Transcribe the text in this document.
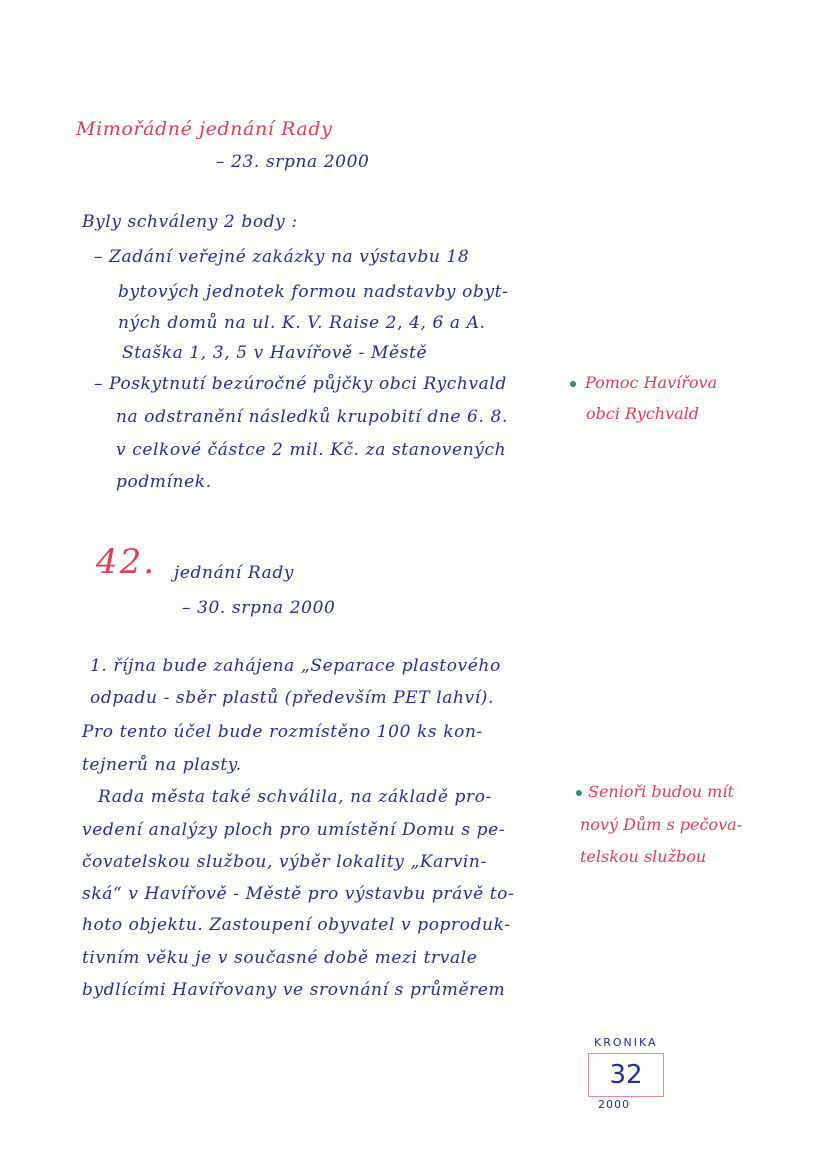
Mimořádné jednání Rady
– 23. srpna 2000
Byly schváleny 2 body :
– Zadání veřejné zakázky na výstavbu 18
bytových jednotek formou nadstavby obyt-
ných domů na ul. K. V. Raise 2, 4, 6 a A.
Staška 1, 3, 5 v Havířově - Městě
– Poskytnutí bezúročné půjčky obci Rychvald
na odstranění následků krupobití dne 6. 8.
v celkové částce 2 mil. Kč. za stanovených
podmínek.
Pomoc Havířova
obci Rychvald
42. jednání Rady
– 30. srpna 2000
1. října bude zahájena „Separace plastového
odpadu - sběr plastů (především PET lahví).
Pro tento účel bude rozmístěno 100 ks kon-
tejnerů na plasty.
Rada města také schválila, na základě pro-
vedení analýzy ploch pro umístění Domu s pe-
čovatelskou službou, výběr lokality „Karvin-
ská“ v Havířově - Městě pro výstavbu právě to-
hoto objektu. Zastoupení obyvatel v poproduk-
tivním věku je v současné době mezi trvale
bydlícími Havířovany ve srovnání s průměrem
Senioři budou mít
nový Dům s pečova-
telskou službou
KRONIKA
32
2000
